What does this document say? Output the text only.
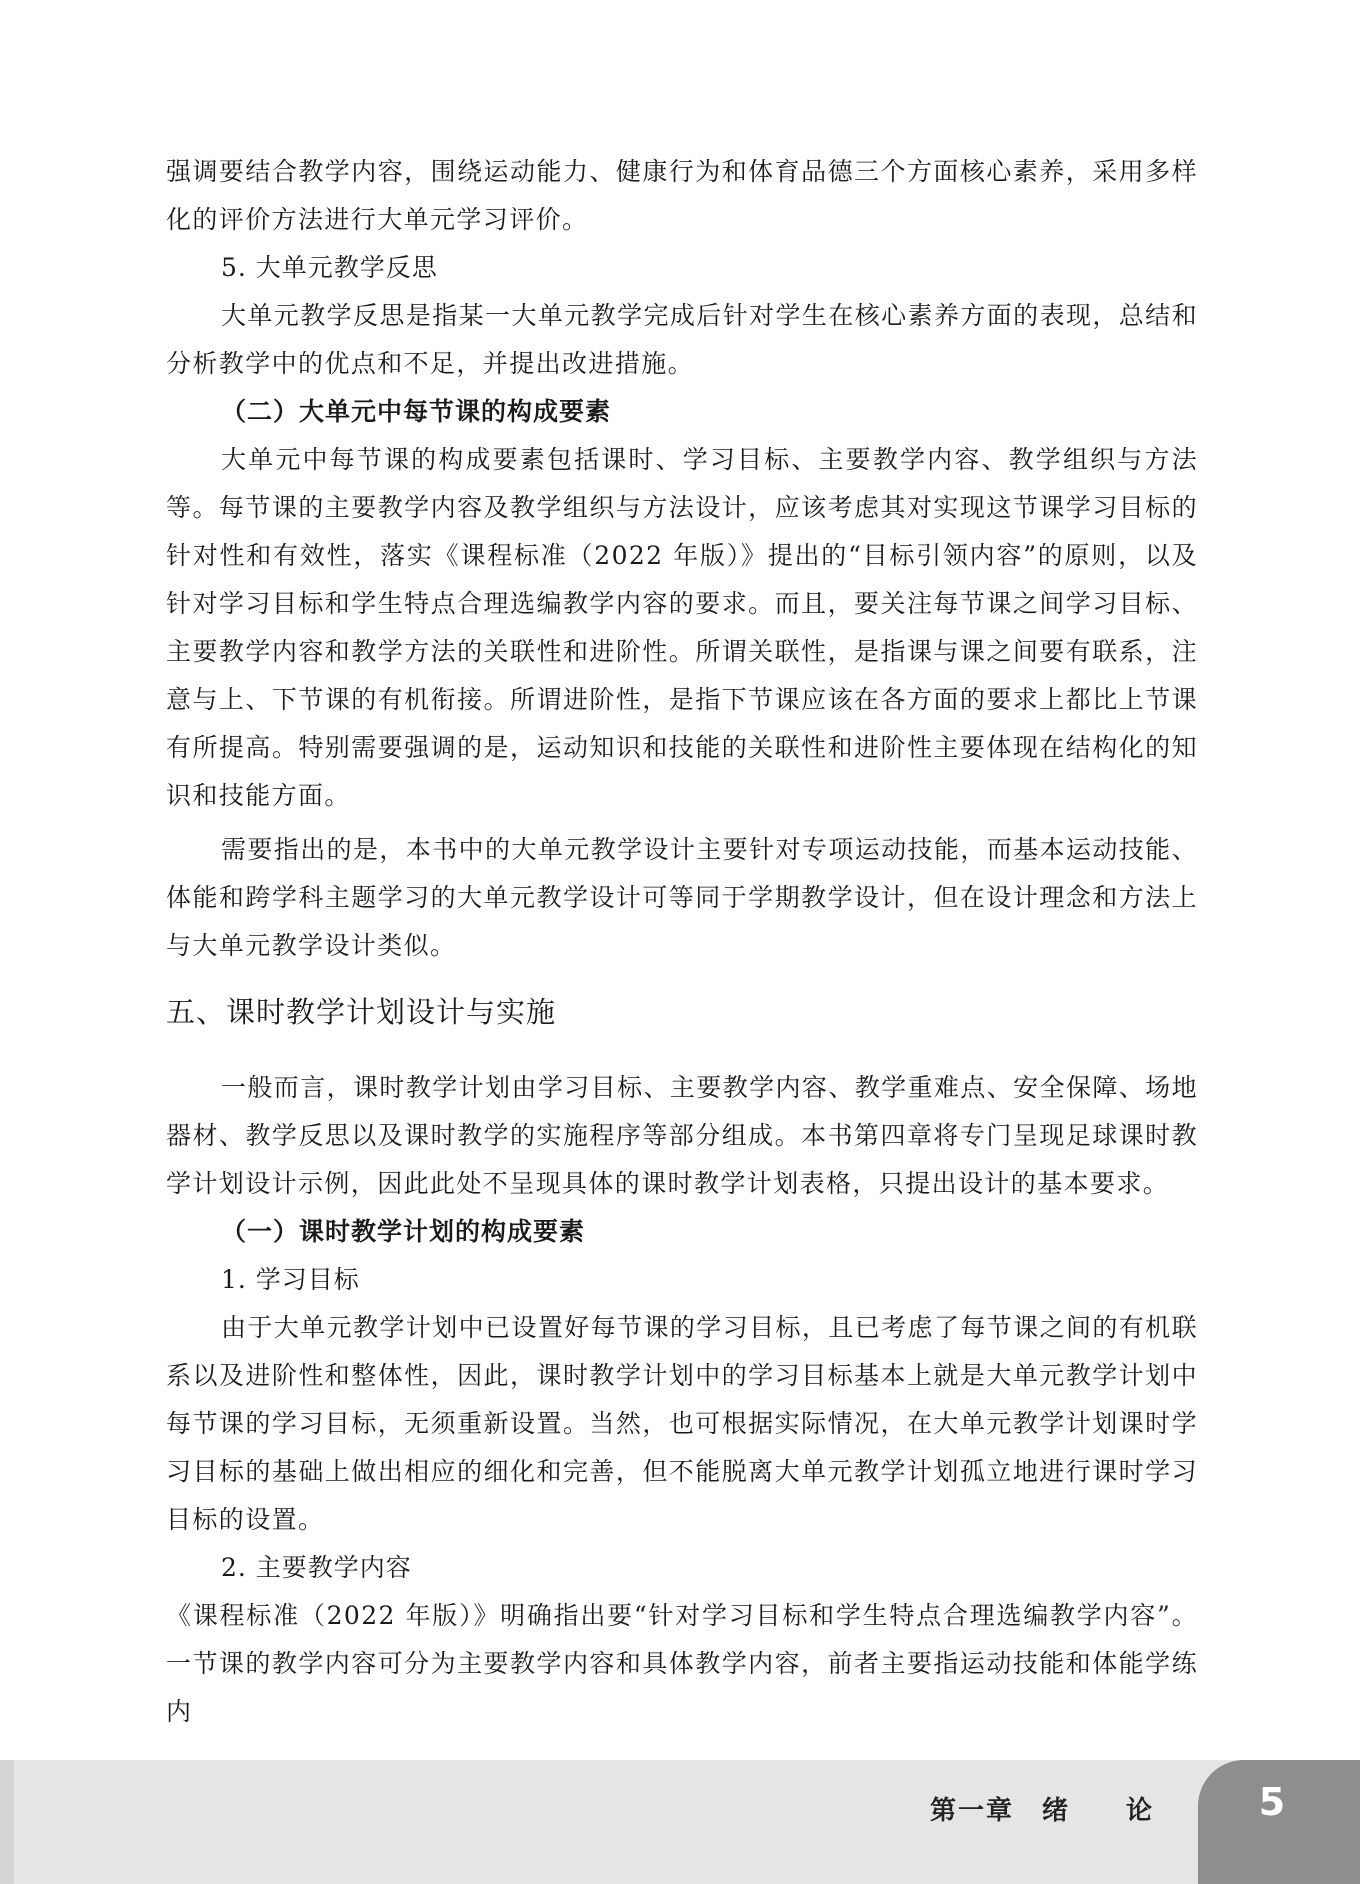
强调要结合教学内容，围绕运动能力、健康行为和体育品德三个方面核心素养，采用多样化的评价方法进行大单元学习评价。

5. 大单元教学反思

大单元教学反思是指某一大单元教学完成后针对学生在核心素养方面的表现，总结和分析教学中的优点和不足，并提出改进措施。

（二）大单元中每节课的构成要素

大单元中每节课的构成要素包括课时、学习目标、主要教学内容、教学组织与方法等。每节课的主要教学内容及教学组织与方法设计，应该考虑其对实现这节课学习目标的针对性和有效性，落实《课程标准（2022 年版）》提出的“目标引领内容”的原则，以及针对学习目标和学生特点合理选编教学内容的要求。而且，要关注每节课之间学习目标、主要教学内容和教学方法的关联性和进阶性。所谓关联性，是指课与课之间要有联系，注意与上、下节课的有机衔接。所谓进阶性，是指下节课应该在各方面的要求上都比上节课有所提高。特别需要强调的是，运动知识和技能的关联性和进阶性主要体现在结构化的知识和技能方面。

需要指出的是，本书中的大单元教学设计主要针对专项运动技能，而基本运动技能、体能和跨学科主题学习的大单元教学设计可等同于学期教学设计，但在设计理念和方法上与大单元教学设计类似。

五、课时教学计划设计与实施

一般而言，课时教学计划由学习目标、主要教学内容、教学重难点、安全保障、场地器材、教学反思以及课时教学的实施程序等部分组成。本书第四章将专门呈现足球课时教学计划设计示例，因此此处不呈现具体的课时教学计划表格，只提出设计的基本要求。

（一）课时教学计划的构成要素

1. 学习目标

由于大单元教学计划中已设置好每节课的学习目标，且已考虑了每节课之间的有机联系以及进阶性和整体性，因此，课时教学计划中的学习目标基本上就是大单元教学计划中每节课的学习目标，无须重新设置。当然，也可根据实际情况，在大单元教学计划课时学习目标的基础上做出相应的细化和完善，但不能脱离大单元教学计划孤立地进行课时学习目标的设置。

2. 主要教学内容

《课程标准（2022 年版）》明确指出要“针对学习目标和学生特点合理选编教学内容”。一节课的教学内容可分为主要教学内容和具体教学内容，前者主要指运动技能和体能学练内

第一章　绪　　论	5
